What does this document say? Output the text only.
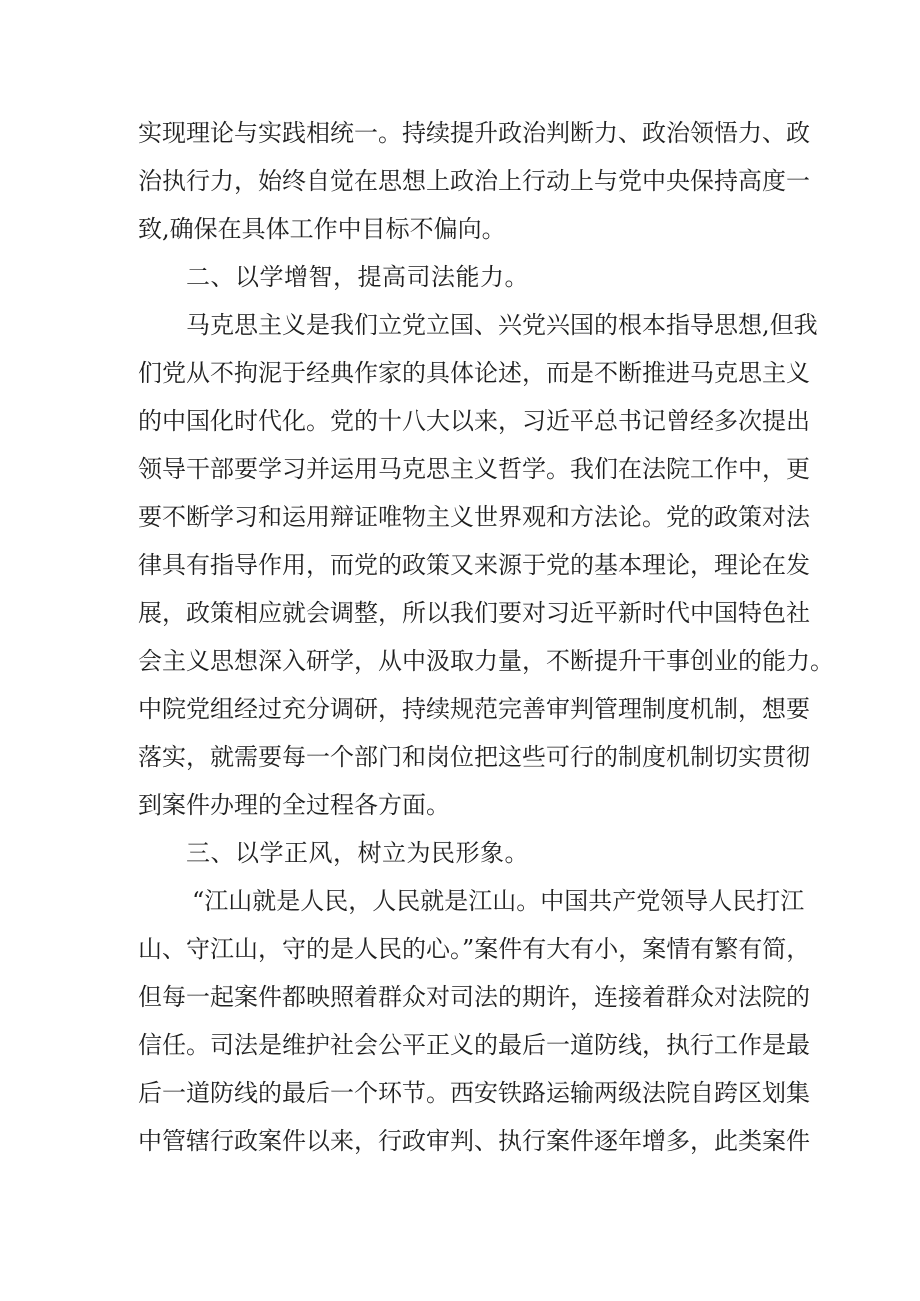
实现理论与实践相统一。持续提升政治判断力、政治领悟力、政
治执行力，始终自觉在思想上政治上行动上与党中央保持高度一
致,确保在具体工作中目标不偏向。
二、以学增智，提高司法能力。
马克思主义是我们立党立国、兴党兴国的根本指导思想,但我
们党从不拘泥于经典作家的具体论述，而是不断推进马克思主义
的中国化时代化。党的十八大以来，习近平总书记曾经多次提出
领导干部要学习并运用马克思主义哲学。我们在法院工作中，更
要不断学习和运用辩证唯物主义世界观和方法论。党的政策对法
律具有指导作用，而党的政策又来源于党的基本理论，理论在发
展，政策相应就会调整，所以我们要对习近平新时代中国特色社
会主义思想深入研学，从中汲取力量，不断提升干事创业的能力。
中院党组经过充分调研，持续规范完善审判管理制度机制，想要
落实，就需要每一个部门和岗位把这些可行的制度机制切实贯彻
到案件办理的全过程各方面。
三、以学正风，树立为民形象。
“江山就是人民，人民就是江山。中国共产党领导人民打江
山、守江山，守的是人民的心。”案件有大有小，案情有繁有简，
但每一起案件都映照着群众对司法的期许，连接着群众对法院的
信任。司法是维护社会公平正义的最后一道防线，执行工作是最
后一道防线的最后一个环节。西安铁路运输两级法院自跨区划集
中管辖行政案件以来，行政审判、执行案件逐年增多，此类案件
